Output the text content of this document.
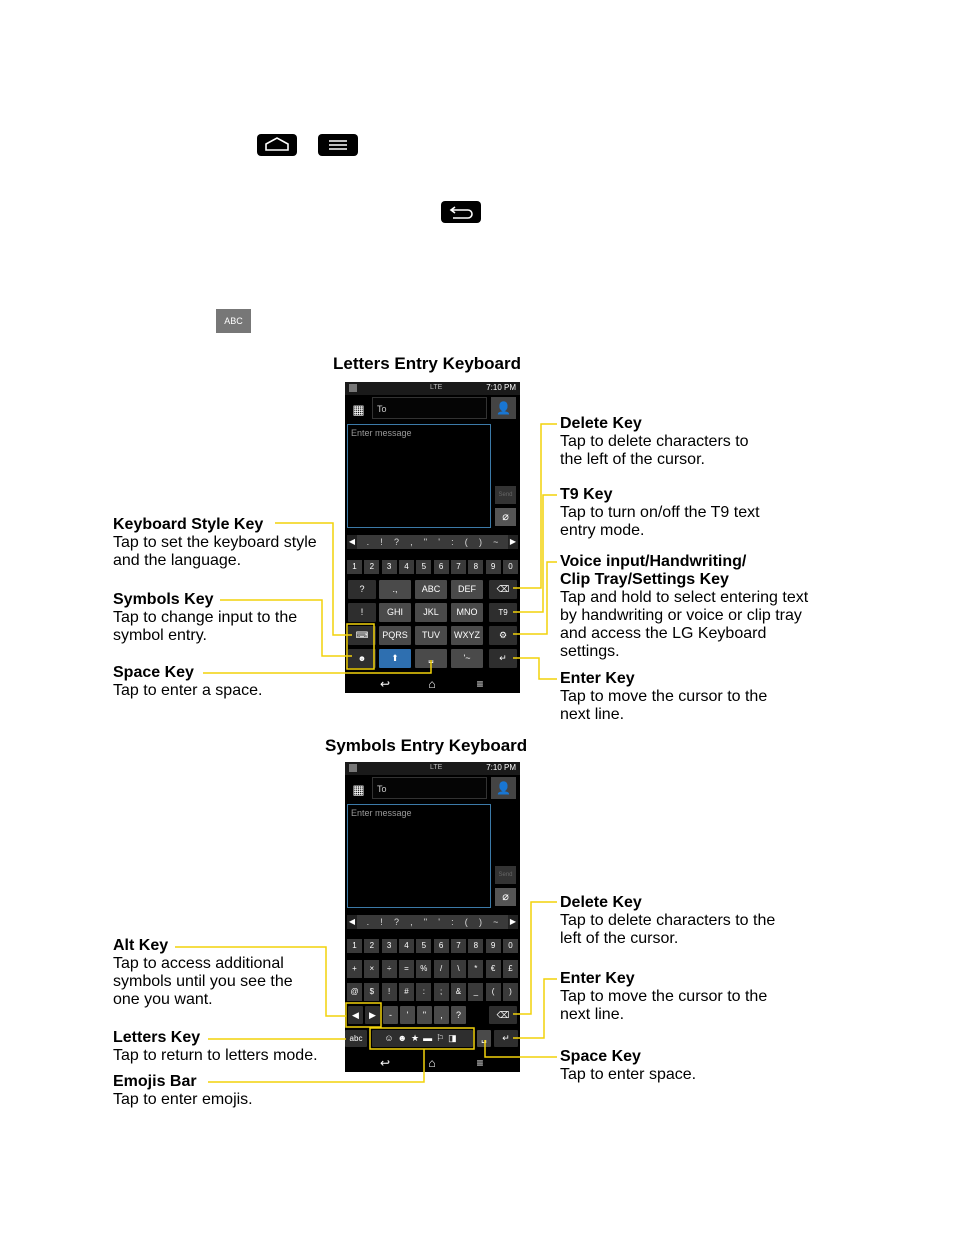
ABC
Letters Entry Keyboard
Symbols Entry Keyboard
LTE	7:10 PM
▦	To	👤
Enter message
Send
⌀
◀ . ! ? , " ' : ( ) ~ ▶
1	2	3	4	5	6	7	8	9	0
?	.,	ABC	DEF	⌫
!	GHI	JKL	MNO	T9
⌨	PQRS	TUV	WXYZ	⚙
☻	⬆	␣	'~	↵
↩	⌂	≡
LTE	7:10 PM
▦	To	👤
Enter message
Send
⌀
◀ . ! ? , " ' : ( ) ~ ▶
1	2	3	4	5	6	7	8	9	0
+	×	÷	=	%	/	\	*	€	£
@	$	!	#	:	;	&	_	(	)
◀	▶	-	'	"	,	?	⌫
abc	☺☻★▬⚐◨	␣	↵
↩	⌂	≡
Delete Key
Tap to delete characters to
the left of the cursor.
T9 Key
Tap to turn on/off the T9 text
entry mode.
Voice input/Handwriting/
Clip Tray/Settings Key
Tap and hold to select entering text
by handwriting or voice or clip tray
and access the LG Keyboard
settings.
Enter Key
Tap to move the cursor to the
next line.
Keyboard Style Key
Tap to set the keyboard style
and the language.
Symbols Key
Tap to change input to the
symbol entry.
Space Key
Tap to enter a space.
Delete Key
Tap to delete characters to the
left of the cursor.
Enter Key
Tap to move the cursor to the
next line.
Space Key
Tap to enter space.
Alt Key
Tap to access additional
symbols until you see the
one you want.
Letters Key
Tap to return to letters mode.
Emojis Bar
Tap to enter emojis.
